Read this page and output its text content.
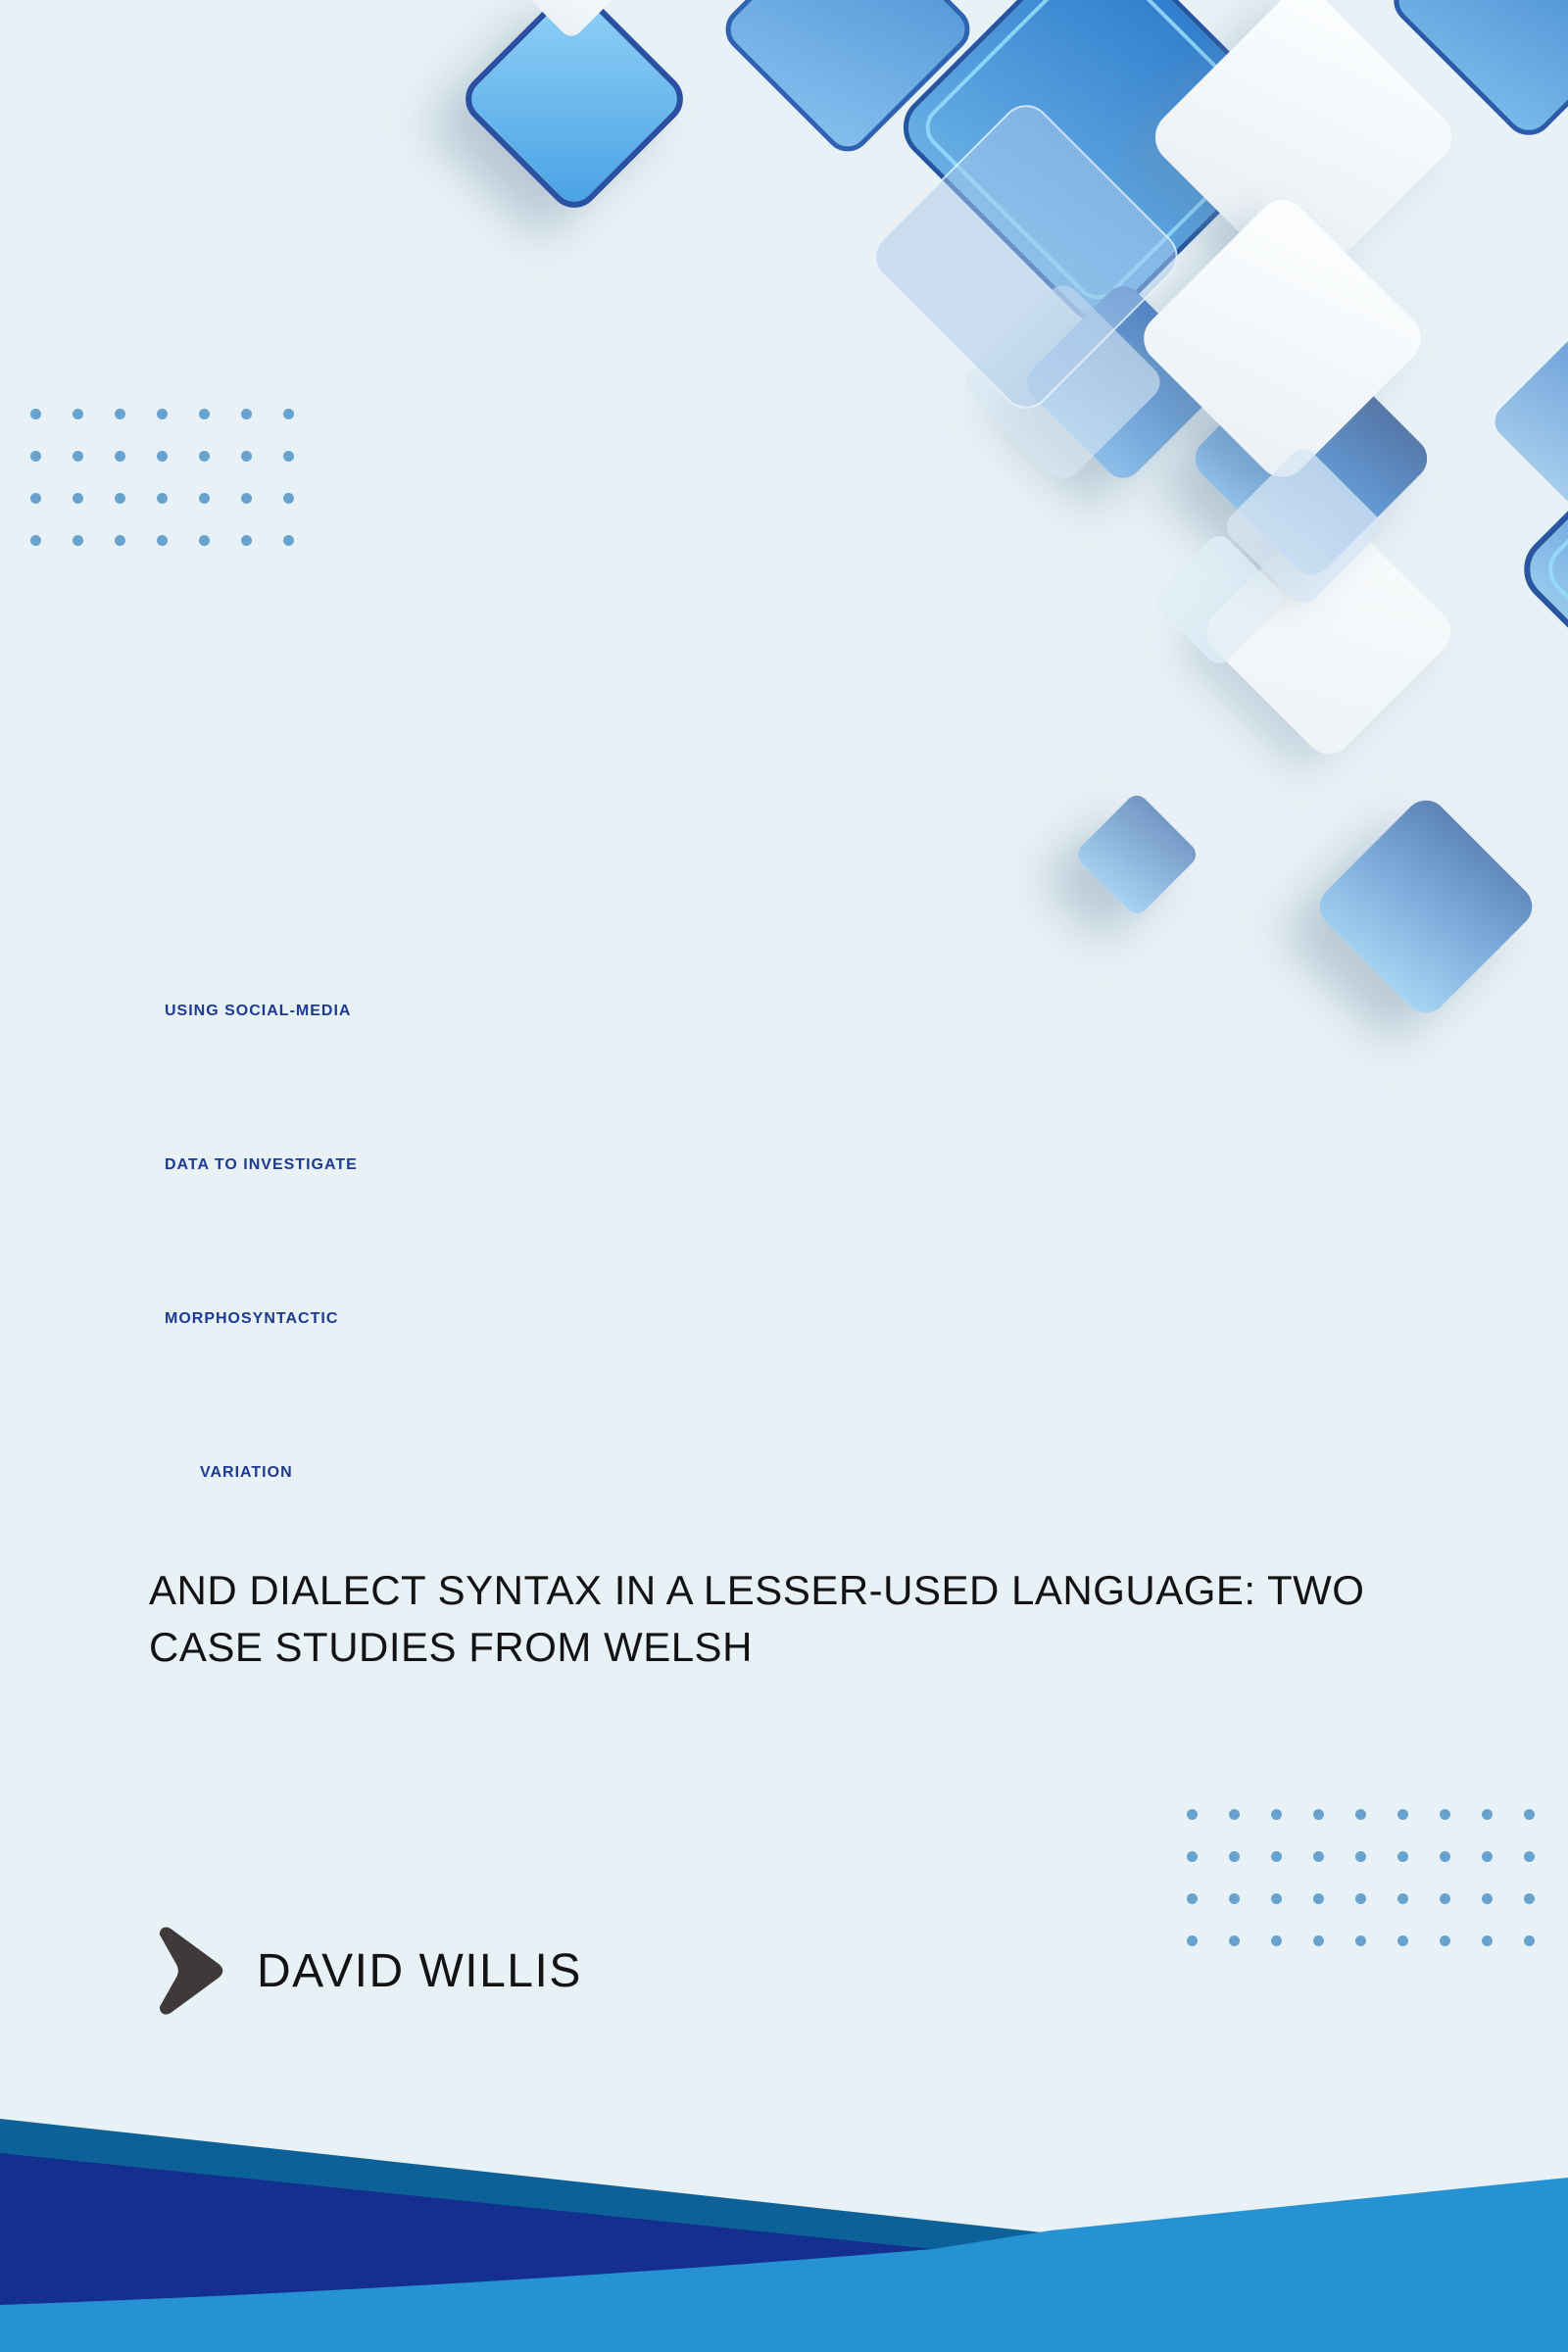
USING SOCIAL-MEDIA
DATA TO INVESTIGATE
MORPHOSYNTACTIC
VARIATION
AND DIALECT SYNTAX IN A LESSER-USED LANGUAGE: TWO
CASE STUDIES FROM WELSH
DAVID WILLIS
